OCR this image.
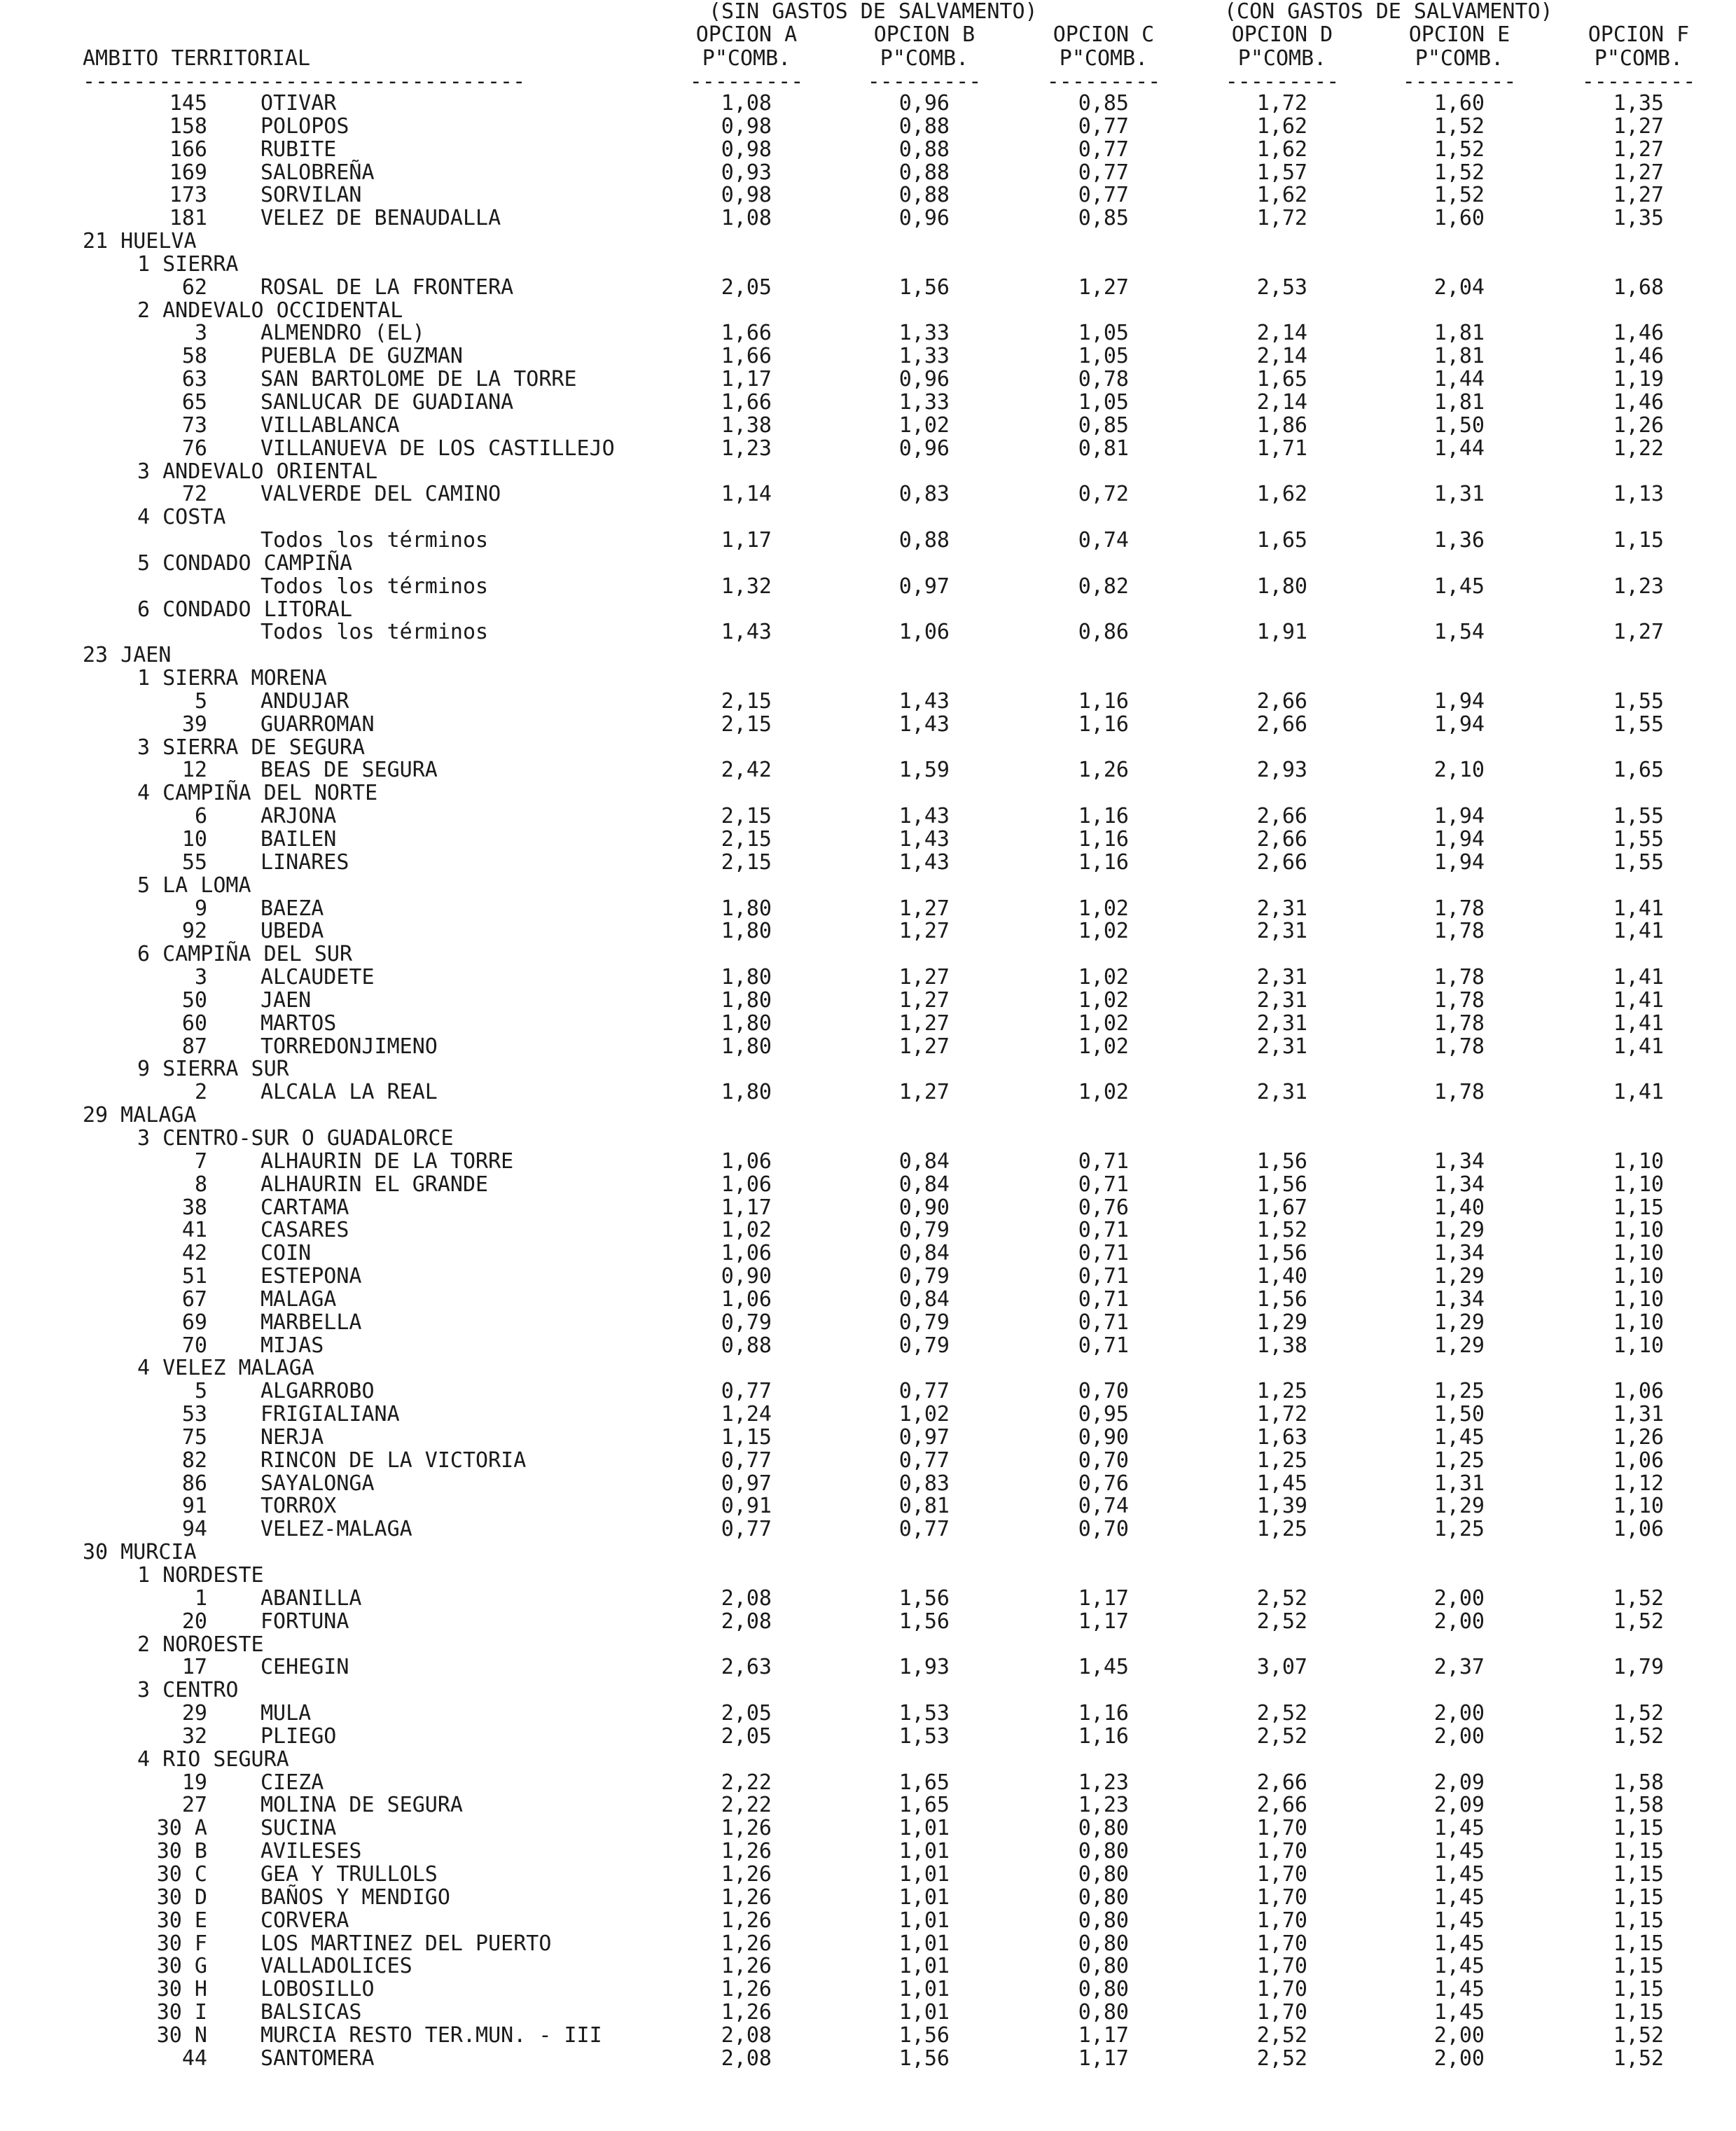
(SIN GASTOS DE SALVAMENTO)	(CON GASTOS DE SALVAMENTO)
AMBITO TERRITORIAL
OPCION A	OPCION B	OPCION C	OPCION D	OPCION E	OPCION F
P"COMB.	P"COMB.	P"COMB.	P"COMB.	P"COMB.	P"COMB.
-----------------------------------	---------	---------	---------	---------	---------	---------
145	OTIVAR	1,08	0,96	0,85	1,72	1,60	1,35
158	POLOPOS	0,98	0,88	0,77	1,62	1,52	1,27
166	RUBITE	0,98	0,88	0,77	1,62	1,52	1,27
169	SALOBREÑA	0,93	0,88	0,77	1,57	1,52	1,27
173	SORVILAN	0,98	0,88	0,77	1,62	1,52	1,27
181	VELEZ DE BENAUDALLA	1,08	0,96	0,85	1,72	1,60	1,35
21 HUELVA
1 SIERRA
62	ROSAL DE LA FRONTERA	2,05	1,56	1,27	2,53	2,04	1,68
2 ANDEVALO OCCIDENTAL
3	ALMENDRO (EL)	1,66	1,33	1,05	2,14	1,81	1,46
58	PUEBLA DE GUZMAN	1,66	1,33	1,05	2,14	1,81	1,46
63	SAN BARTOLOME DE LA TORRE	1,17	0,96	0,78	1,65	1,44	1,19
65	SANLUCAR DE GUADIANA	1,66	1,33	1,05	2,14	1,81	1,46
73	VILLABLANCA	1,38	1,02	0,85	1,86	1,50	1,26
76	VILLANUEVA DE LOS CASTILLEJO	1,23	0,96	0,81	1,71	1,44	1,22
3 ANDEVALO ORIENTAL
72	VALVERDE DEL CAMINO	1,14	0,83	0,72	1,62	1,31	1,13
4 COSTA
Todos los términos	1,17	0,88	0,74	1,65	1,36	1,15
5 CONDADO CAMPIÑA
Todos los términos	1,32	0,97	0,82	1,80	1,45	1,23
6 CONDADO LITORAL
Todos los términos	1,43	1,06	0,86	1,91	1,54	1,27
23 JAEN
1 SIERRA MORENA
5	ANDUJAR	2,15	1,43	1,16	2,66	1,94	1,55
39	GUARROMAN	2,15	1,43	1,16	2,66	1,94	1,55
3 SIERRA DE SEGURA
12	BEAS DE SEGURA	2,42	1,59	1,26	2,93	2,10	1,65
4 CAMPIÑA DEL NORTE
6	ARJONA	2,15	1,43	1,16	2,66	1,94	1,55
10	BAILEN	2,15	1,43	1,16	2,66	1,94	1,55
55	LINARES	2,15	1,43	1,16	2,66	1,94	1,55
5 LA LOMA
9	BAEZA	1,80	1,27	1,02	2,31	1,78	1,41
92	UBEDA	1,80	1,27	1,02	2,31	1,78	1,41
6 CAMPIÑA DEL SUR
3	ALCAUDETE	1,80	1,27	1,02	2,31	1,78	1,41
50	JAEN	1,80	1,27	1,02	2,31	1,78	1,41
60	MARTOS	1,80	1,27	1,02	2,31	1,78	1,41
87	TORREDONJIMENO	1,80	1,27	1,02	2,31	1,78	1,41
9 SIERRA SUR
2	ALCALA LA REAL	1,80	1,27	1,02	2,31	1,78	1,41
29 MALAGA
3 CENTRO-SUR O GUADALORCE
7	ALHAURIN DE LA TORRE	1,06	0,84	0,71	1,56	1,34	1,10
8	ALHAURIN EL GRANDE	1,06	0,84	0,71	1,56	1,34	1,10
38	CARTAMA	1,17	0,90	0,76	1,67	1,40	1,15
41	CASARES	1,02	0,79	0,71	1,52	1,29	1,10
42	COIN	1,06	0,84	0,71	1,56	1,34	1,10
51	ESTEPONA	0,90	0,79	0,71	1,40	1,29	1,10
67	MALAGA	1,06	0,84	0,71	1,56	1,34	1,10
69	MARBELLA	0,79	0,79	0,71	1,29	1,29	1,10
70	MIJAS	0,88	0,79	0,71	1,38	1,29	1,10
4 VELEZ MALAGA
5	ALGARROBO	0,77	0,77	0,70	1,25	1,25	1,06
53	FRIGIALIANA	1,24	1,02	0,95	1,72	1,50	1,31
75	NERJA	1,15	0,97	0,90	1,63	1,45	1,26
82	RINCON DE LA VICTORIA	0,77	0,77	0,70	1,25	1,25	1,06
86	SAYALONGA	0,97	0,83	0,76	1,45	1,31	1,12
91	TORROX	0,91	0,81	0,74	1,39	1,29	1,10
94	VELEZ-MALAGA	0,77	0,77	0,70	1,25	1,25	1,06
30 MURCIA
1 NORDESTE
1	ABANILLA	2,08	1,56	1,17	2,52	2,00	1,52
20	FORTUNA	2,08	1,56	1,17	2,52	2,00	1,52
2 NOROESTE
17	CEHEGIN	2,63	1,93	1,45	3,07	2,37	1,79
3 CENTRO
29	MULA	2,05	1,53	1,16	2,52	2,00	1,52
32	PLIEGO	2,05	1,53	1,16	2,52	2,00	1,52
4 RIO SEGURA
19	CIEZA	2,22	1,65	1,23	2,66	2,09	1,58
27	MOLINA DE SEGURA	2,22	1,65	1,23	2,66	2,09	1,58
30 A	SUCINA	1,26	1,01	0,80	1,70	1,45	1,15
30 B	AVILESES	1,26	1,01	0,80	1,70	1,45	1,15
30 C	GEA Y TRULLOLS	1,26	1,01	0,80	1,70	1,45	1,15
30 D	BAÑOS Y MENDIGO	1,26	1,01	0,80	1,70	1,45	1,15
30 E	CORVERA	1,26	1,01	0,80	1,70	1,45	1,15
30 F	LOS MARTINEZ DEL PUERTO	1,26	1,01	0,80	1,70	1,45	1,15
30 G	VALLADOLICES	1,26	1,01	0,80	1,70	1,45	1,15
30 H	LOBOSILLO	1,26	1,01	0,80	1,70	1,45	1,15
30 I	BALSICAS	1,26	1,01	0,80	1,70	1,45	1,15
30 N	MURCIA RESTO TER.MUN. - III	2,08	1,56	1,17	2,52	2,00	1,52
44	SANTOMERA	2,08	1,56	1,17	2,52	2,00	1,52
